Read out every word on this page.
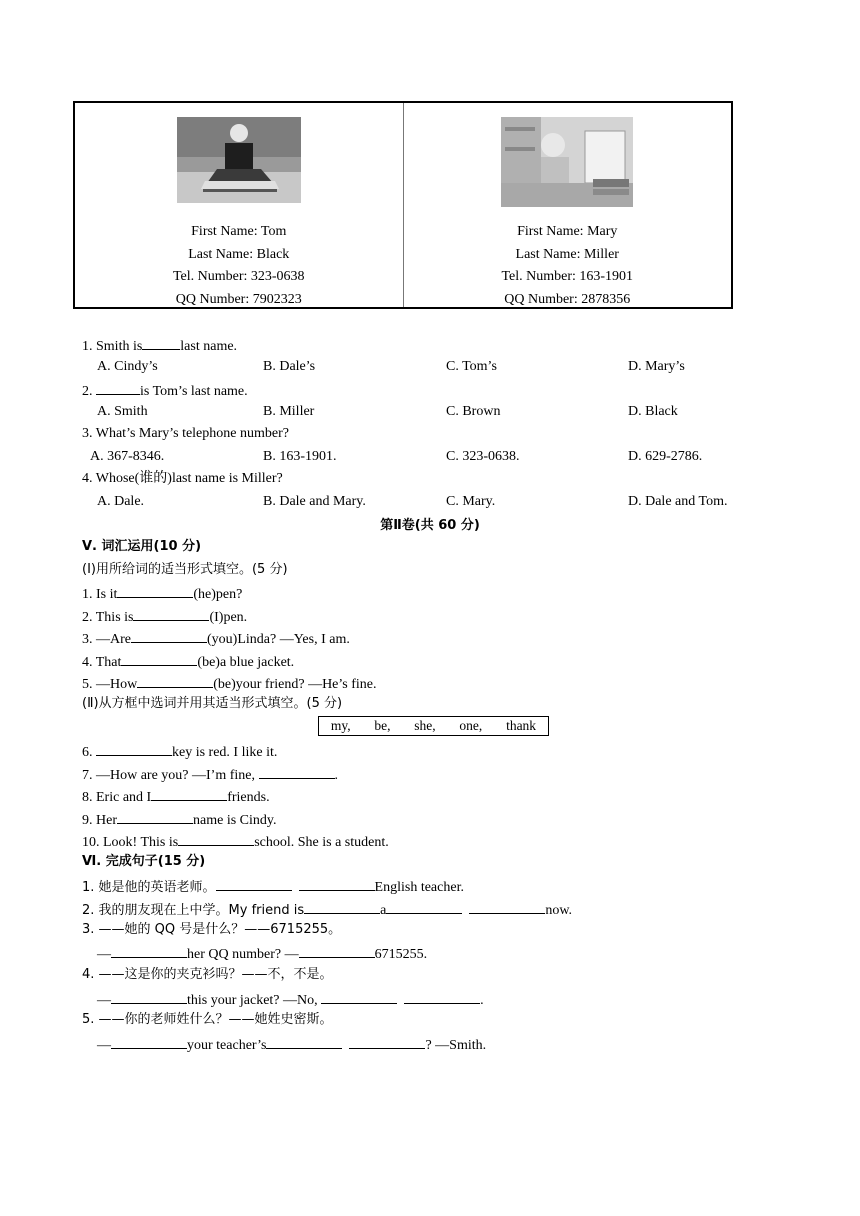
First Name: Tom
Last Name: Black
Tel. Number: 323-0638
QQ Number: 7902323
First Name: Mary
Last Name: Miller
Tel. Number: 163-1901
QQ Number: 2878356
1. Smith is	last name.
A. Cindy’s	B. Dale’s	C. Tom’s	D. Mary’s
2.	is Tom’s last name.
A. Smith	B. Miller	C. Brown	D. Black
3. What’s Mary’s telephone number?
A. 367-8346.	B. 163-1901.	C. 323-0638.	D. 629-2786.
4. Whose(谁的)last name is Miller?
A. Dale.	B. Dale and Mary.	C. Mary.	D. Dale and Tom.
第Ⅱ卷(共 60 分)
Ⅴ. 词汇运用(10 分)
(Ⅰ)用所给词的适当形式填空。(5 分)
1. Is it	(he)pen?
2. This is	(I)pen.
3. —Are	(you)Linda? —Yes, I am.
4. That	(be)a blue jacket.
5. —How	(be)your friend? —He’s fine.
(Ⅱ)从方框中选词并用其适当形式填空。(5 分)
my, be, she, one, thank
6.	key is red. I like it.
7. —How are you? —I’m fine,	.
8. Eric and I	friends.
9. Her	name is Cindy.
10. Look! This is	school. She is a student.
Ⅵ. 完成句子(15 分)
1. 她是他的英语老师。	English teacher.
2. 我的朋友现在上中学。My friend is	a	now.
3. ——她的 QQ 号是什么？——6715255。
—	her QQ number? —	6715255.
4. ——这是你的夹克衫吗？——不，不是。
—	this your jacket? —No,	.
5. ——你的老师姓什么？——她姓史密斯。
—	your teacher’s	? —Smith.
